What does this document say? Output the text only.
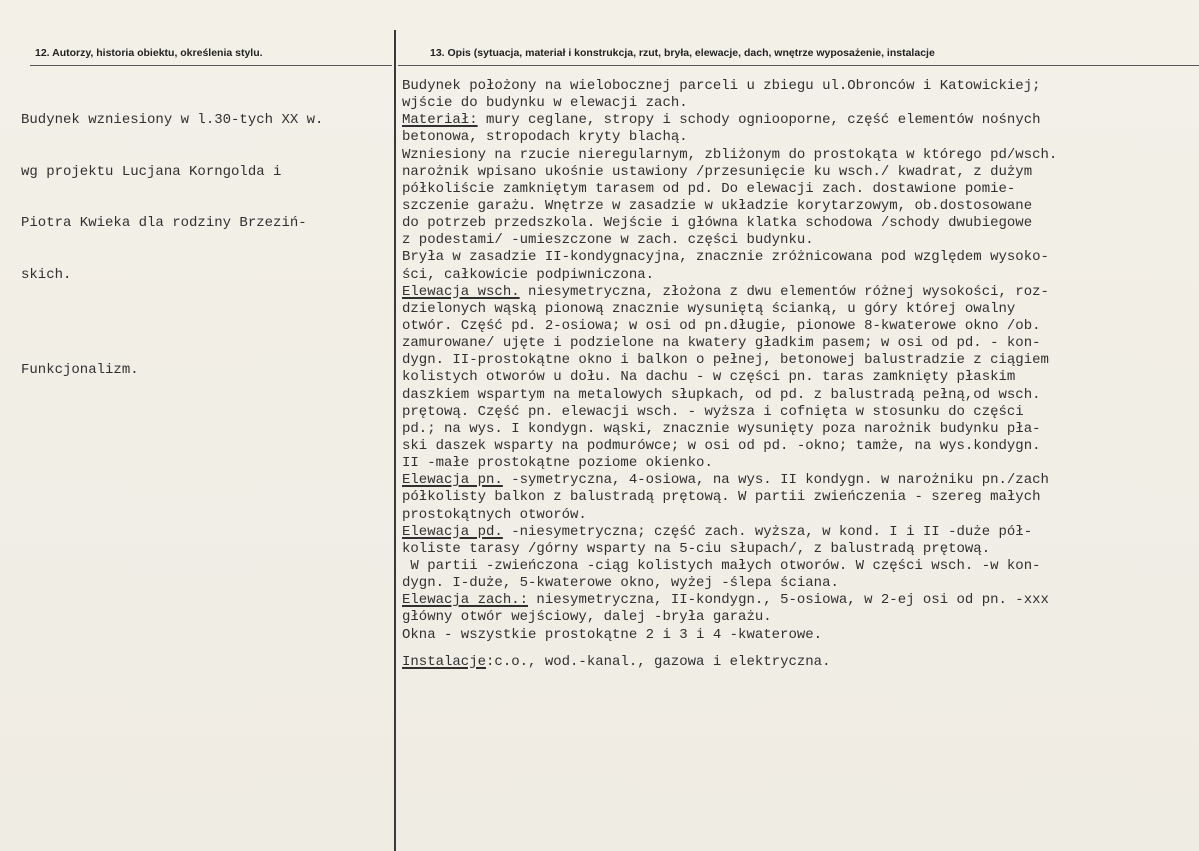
12. Autorzy, historia obiektu, określenia stylu.	13. Opis (sytuacja, materiał i konstrukcja, rzut, bryła, elewacje, dach, wnętrze wyposażenie, instalacje

Budynek wzniesiony w l.30-tych XX w.

wg projektu Lucjana Korngolda i

Piotra Kwieka dla rodziny Brzeziń-

skich.

Funkcjonalizm.

Budynek położony na wielobocznej parceli u zbiegu ul.Obronców i Katowickiej;
wjście do budynku w elewacji zach.
Materiał: mury ceglane, stropy i schody ogniooporne, część elementów nośnych
betonowa, stropodach kryty blachą.
Wzniesiony na rzucie nieregularnym, zbliżonym do prostokąta w którego pd/wsch.
narożnik wpisano ukośnie ustawiony /przesunięcie ku wsch./ kwadrat, z dużym
półkoliście zamkniętym tarasem od pd. Do elewacji zach. dostawione pomie-
szczenie garażu. Wnętrze w zasadzie w układzie korytarzowym, ob.dostosowane
do potrzeb przedszkola. Wejście i główna klatka schodowa /schody dwubiegowe
z podestami/ -umieszczone w zach. części budynku.
Bryła w zasadzie II-kondygnacyjna, znacznie zróżnicowana pod względem wysoko-
ści, całkowicie podpiwniczona.
Elewacja wsch. niesymetryczna, złożona z dwu elementów różnej wysokości, roz-
dzielonych wąską pionową znacznie wysuniętą ścianką, u góry której owalny
otwór. Część pd. 2-osiowa; w osi od pn.długie, pionowe 8-kwaterowe okno /ob.
zamurowane/ ujęte i podzielone na kwatery gładkim pasem; w osi od pd. - kon-
dygn. II-prostokątne okno i balkon o pełnej, betonowej balustradzie z ciągiem
kolistych otworów u dołu. Na dachu - w części pn. taras zamknięty płaskim
daszkiem wspartym na metalowych słupkach, od pd. z balustradą pełną,od wsch.
prętową. Część pn. elewacji wsch. - wyższa i cofnięta w stosunku do części
pd.; na wys. I kondygn. wąski, znacznie wysunięty poza narożnik budynku pła-
ski daszek wsparty na podmurówce; w osi od pd. -okno; tamże, na wys.kondygn.
II -małe prostokątne poziome okienko.
Elewacja pn. -symetryczna, 4-osiowa, na wys. II kondygn. w narożniku pn./zach
półkolisty balkon z balustradą prętową. W partii zwieńczenia - szereg małych
prostokątnych otworów.
Elewacja pd. -niesymetryczna; część zach. wyższa, w kond. I i II -duże pół-
koliste tarasy /górny wsparty na 5-ciu słupach/, z balustradą prętową.
W partii -zwieńczona -ciąg kolistych małych otworów. W części wsch. -w kon-
dygn. I-duże, 5-kwaterowe okno, wyżej -ślepa ściana.
Elewacja zach.: niesymetryczna, II-kondygn., 5-osiowa, w 2-ej osi od pn. -xxx
główny otwór wejściowy, dalej -bryła garażu.
Okna - wszystkie prostokątne 2 i 3 i 4 -kwaterowe.
Instalacje:c.o., wod.-kanal., gazowa i elektryczna.
